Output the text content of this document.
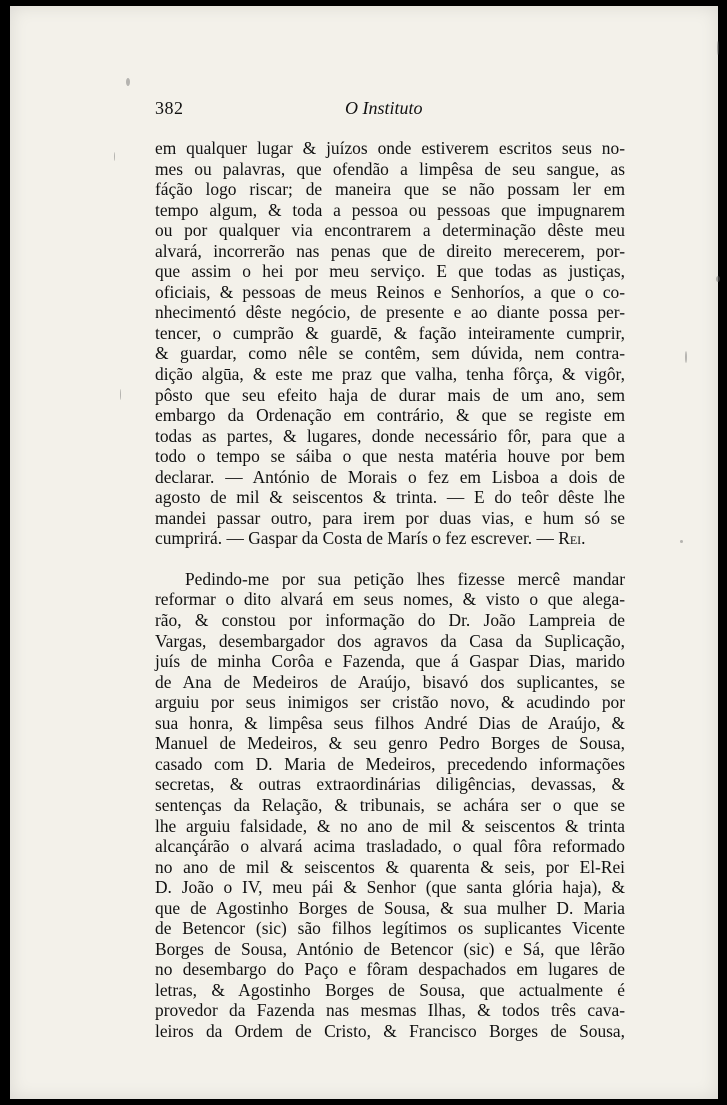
382	O Instituto

em qualquer lugar & juízos onde estiverem escritos seus no-
mes ou palavras, que ofendão a limpêsa de seu sangue, as
fáção logo riscar; de maneira que se não possam ler em
tempo algum, & toda a pessoa ou pessoas que impugnarem
ou por qualquer via encontrarem a determinação dêste meu
alvará, incorrerão nas penas que de direito merecerem, por-
que assim o hei por meu serviço. E que todas as justiças,
oficiais, & pessoas de meus Reinos e Senhoríos, a que o co-
nhecimentó dêste negócio, de presente e ao diante possa per-
tencer, o cumprão & guardē, & fação inteiramente cumprir,
& guardar, como nêle se contêm, sem dúvida, nem contra-
dição algūa, & este me praz que valha, tenha fôrça, & vigôr,
pôsto que seu efeito haja de durar mais de um ano, sem
embargo da Ordenação em contrário, & que se registe em
todas as partes, & lugares, donde necessário fôr, para que a
todo o tempo se sáiba o que nesta matéria houve por bem
declarar. — António de Morais o fez em Lisboa a dois de
agosto de mil & seiscentos & trinta. — E do teôr dêste lhe
mandei passar outro, para irem por duas vias, e hum só se
cumprirá. — Gaspar da Costa de Marís o fez escrever. — Rei.

Pedindo-me por sua petição lhes fizesse mercê mandar
reformar o dito alvará em seus nomes, & visto o que alega-
rão, & constou por informação do Dr. João Lampreia de
Vargas, desembargador dos agravos da Casa da Suplicação,
juís de minha Corôa e Fazenda, que á Gaspar Dias, marido
de Ana de Medeiros de Araújo, bisavó dos suplicantes, se
arguiu por seus inimigos ser cristão novo, & acudindo por
sua honra, & limpêsa seus filhos André Dias de Araújo, &
Manuel de Medeiros, & seu genro Pedro Borges de Sousa,
casado com D. Maria de Medeiros, precedendo informações
secretas, & outras extraordinárias diligências, devassas, &
sentenças da Relação, & tribunais, se achára ser o que se
lhe arguiu falsidade, & no ano de mil & seiscentos & trinta
alcançárão o alvará acima trasladado, o qual fôra reformado
no ano de mil & seiscentos & quarenta & seis, por El-Rei
D. João o IV, meu pái & Senhor (que santa glória haja), &
que de Agostinho Borges de Sousa, & sua mulher D. Maria
de Betencor (sic) são filhos legítimos os suplicantes Vicente
Borges de Sousa, António de Betencor (sic) e Sá, que lêrão
no desembargo do Paço e fôram despachados em lugares de
letras, & Agostinho Borges de Sousa, que actualmente é
provedor da Fazenda nas mesmas Ilhas, & todos três cava-
leiros da Ordem de Cristo, & Francisco Borges de Sousa,
